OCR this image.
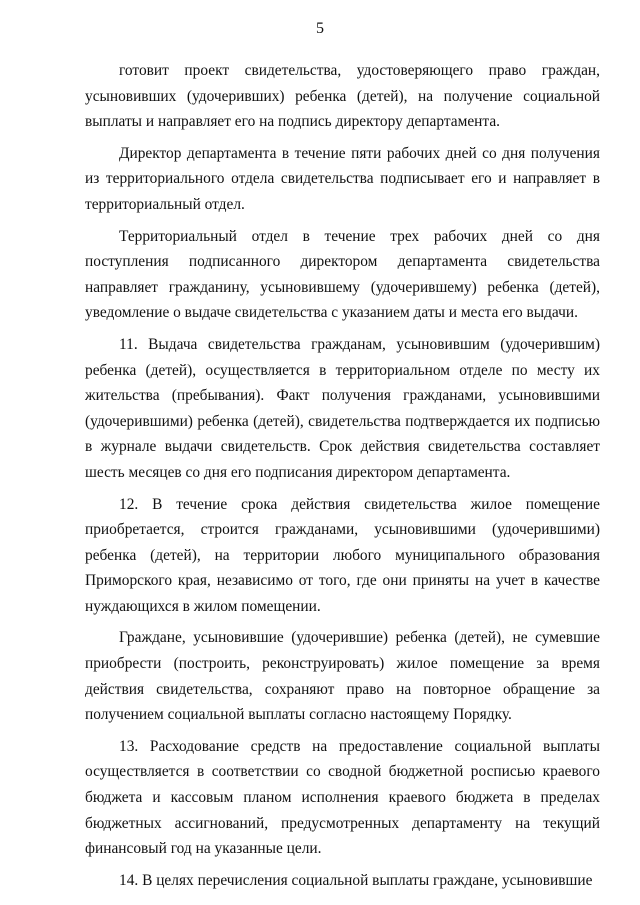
5

готовит проект свидетельства, удостоверяющего право граждан, усыновивших (удочеривших) ребенка (детей), на получение социальной выплаты и направляет его на подпись директору департамента.

Директор департамента в течение пяти рабочих дней со дня получения из территориального отдела свидетельства подписывает его и направляет в территориальный отдел.

Территориальный отдел в течение трех рабочих дней со дня поступления подписанного директором департамента свидетельства направляет гражданину, усыновившему (удочерившему) ребенка (детей), уведомление о выдаче свидетельства с указанием даты и места его выдачи.

11. Выдача свидетельства гражданам, усыновившим (удочерившим) ребенка (детей), осуществляется в территориальном отделе по месту их жительства (пребывания). Факт получения гражданами, усыновившими (удочерившими) ребенка (детей), свидетельства подтверждается их подписью в журнале выдачи свидетельств. Срок действия свидетельства составляет шесть месяцев со дня его подписания директором департамента.

12. В течение срока действия свидетельства жилое помещение приобретается, строится гражданами, усыновившими (удочерившими) ребенка (детей), на территории любого муниципального образования Приморского края, независимо от того, где они приняты на учет в качестве нуждающихся в жилом помещении.

Граждане, усыновившие (удочерившие) ребенка (детей), не сумевшие приобрести (построить, реконструировать) жилое помещение за время действия свидетельства, сохраняют право на повторное обращение за получением социальной выплаты согласно настоящему Порядку.

13. Расходование средств на предоставление социальной выплаты осуществляется в соответствии со сводной бюджетной росписью краевого бюджета и кассовым планом исполнения краевого бюджета в пределах бюджетных ассигнований, предусмотренных департаменту на текущий финансовый год на указанные цели.

14. В целях перечисления социальной выплаты граждане, усыновившие
